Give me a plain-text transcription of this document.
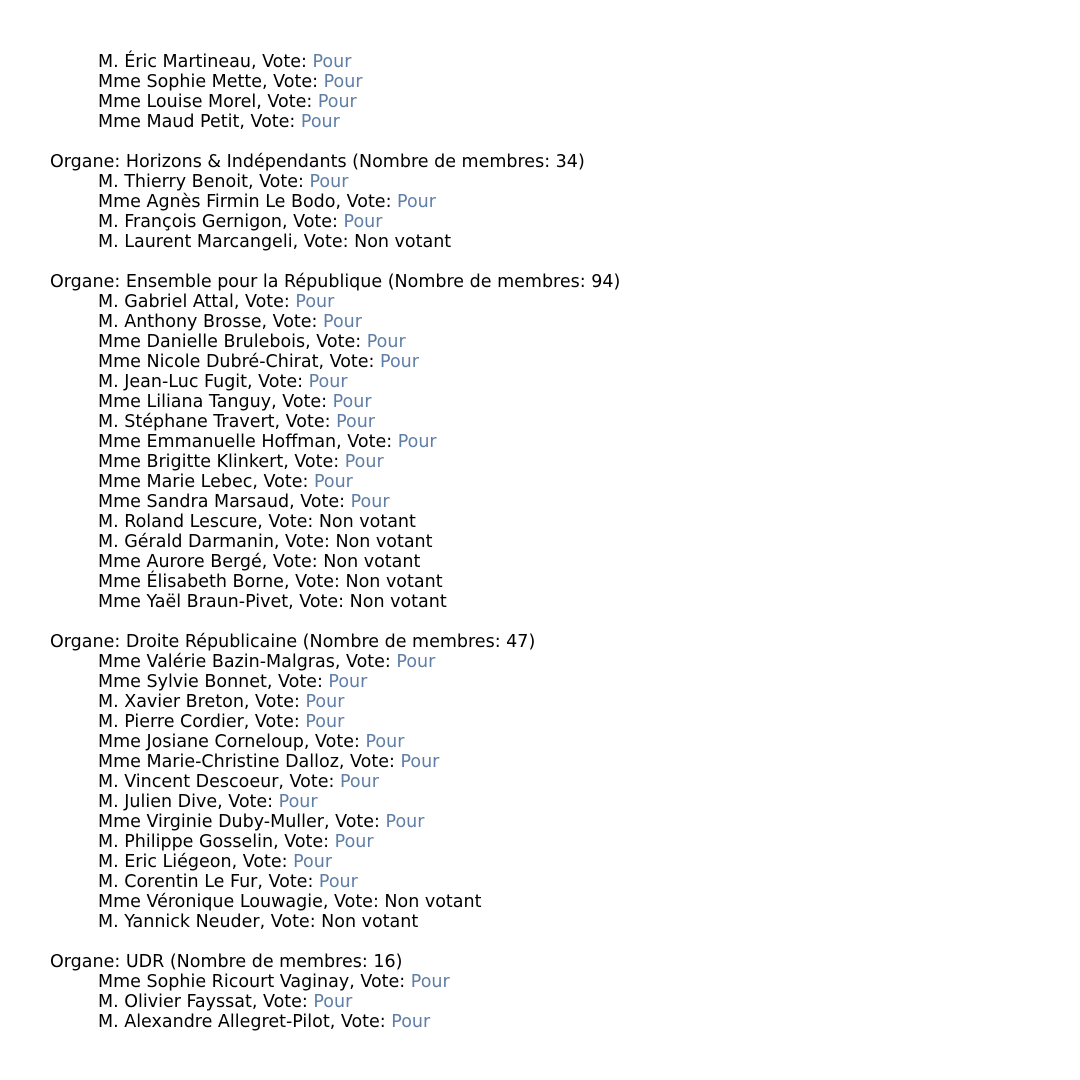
M. Éric Martineau, Vote: Pour
Mme Sophie Mette, Vote: Pour
Mme Louise Morel, Vote: Pour
Mme Maud Petit, Vote: Pour
Organe: Horizons & Indépendants (Nombre de membres: 34)
M. Thierry Benoit, Vote: Pour
Mme Agnès Firmin Le Bodo, Vote: Pour
M. François Gernigon, Vote: Pour
M. Laurent Marcangeli, Vote: Non votant
Organe: Ensemble pour la République (Nombre de membres: 94)
M. Gabriel Attal, Vote: Pour
M. Anthony Brosse, Vote: Pour
Mme Danielle Brulebois, Vote: Pour
Mme Nicole Dubré-Chirat, Vote: Pour
M. Jean-Luc Fugit, Vote: Pour
Mme Liliana Tanguy, Vote: Pour
M. Stéphane Travert, Vote: Pour
Mme Emmanuelle Hoffman, Vote: Pour
Mme Brigitte Klinkert, Vote: Pour
Mme Marie Lebec, Vote: Pour
Mme Sandra Marsaud, Vote: Pour
M. Roland Lescure, Vote: Non votant
M. Gérald Darmanin, Vote: Non votant
Mme Aurore Bergé, Vote: Non votant
Mme Élisabeth Borne, Vote: Non votant
Mme Yaël Braun-Pivet, Vote: Non votant
Organe: Droite Républicaine (Nombre de membres: 47)
Mme Valérie Bazin-Malgras, Vote: Pour
Mme Sylvie Bonnet, Vote: Pour
M. Xavier Breton, Vote: Pour
M. Pierre Cordier, Vote: Pour
Mme Josiane Corneloup, Vote: Pour
Mme Marie-Christine Dalloz, Vote: Pour
M. Vincent Descoeur, Vote: Pour
M. Julien Dive, Vote: Pour
Mme Virginie Duby-Muller, Vote: Pour
M. Philippe Gosselin, Vote: Pour
M. Eric Liégeon, Vote: Pour
M. Corentin Le Fur, Vote: Pour
Mme Véronique Louwagie, Vote: Non votant
M. Yannick Neuder, Vote: Non votant
Organe: UDR (Nombre de membres: 16)
Mme Sophie Ricourt Vaginay, Vote: Pour
M. Olivier Fayssat, Vote: Pour
M. Alexandre Allegret-Pilot, Vote: Pour
